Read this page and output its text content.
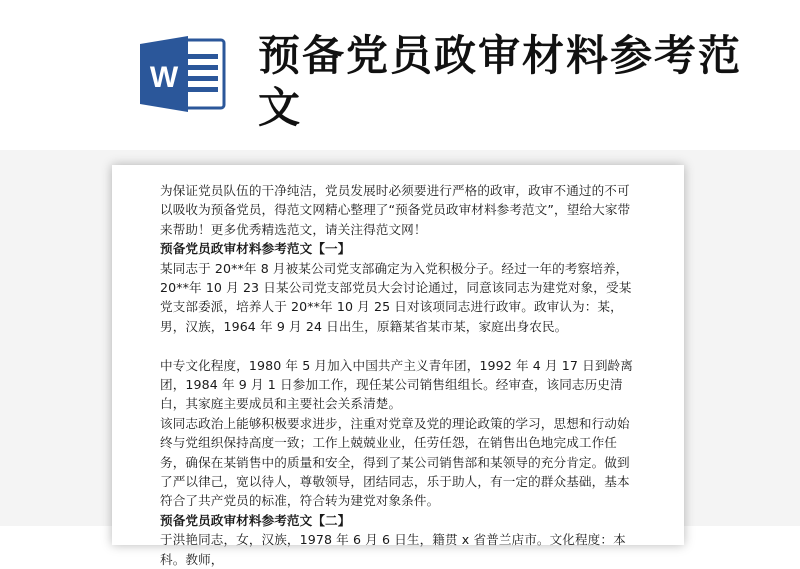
W 预备党员政审材料参考范文

为保证党员队伍的干净纯洁，党员发展时必须要进行严格的政审，政审不通过的不可以吸收为预备党员，得范文网精心整理了“预备党员政审材料参考范文”，望给大家带来帮助！更多优秀精选范文，请关注得范文网！

预备党员政审材料参考范文【一】

某同志于 20**年 8 月被某公司党支部确定为入党积极分子。经过一年的考察培养，20**年 10 月 23 日某公司党支部党员大会讨论通过，同意该同志为建党对象，受某党支部委派，培养人于 20**年 10 月 25 日对该项同志进行政审。政审认为：某，男，汉族，1964 年 9 月 24 日出生，原籍某省某市某，家庭出身农民。

中专文化程度，1980 年 5 月加入中国共产主义青年团，1992 年 4 月 17 日到龄离团，1984 年 9 月 1 日参加工作，现任某公司销售组组长。经审查，该同志历史清白，其家庭主要成员和主要社会关系清楚。

该同志政治上能够积极要求进步，注重对党章及党的理论政策的学习，思想和行动始终与党组织保持高度一致；工作上兢兢业业，任劳任怨，在销售出色地完成工作任务，确保在某销售中的质量和安全，得到了某公司销售部和某领导的充分肯定。做到了严以律己，宽以待人，尊敬领导，团结同志，乐于助人，有一定的群众基础，基本符合了共产党员的标准，符合转为建党对象条件。

预备党员政审材料参考范文【二】

于洪艳同志，女，汉族，1978 年 6 月 6 日生，籍贯 x 省普兰店市。文化程度：本科。教师，
